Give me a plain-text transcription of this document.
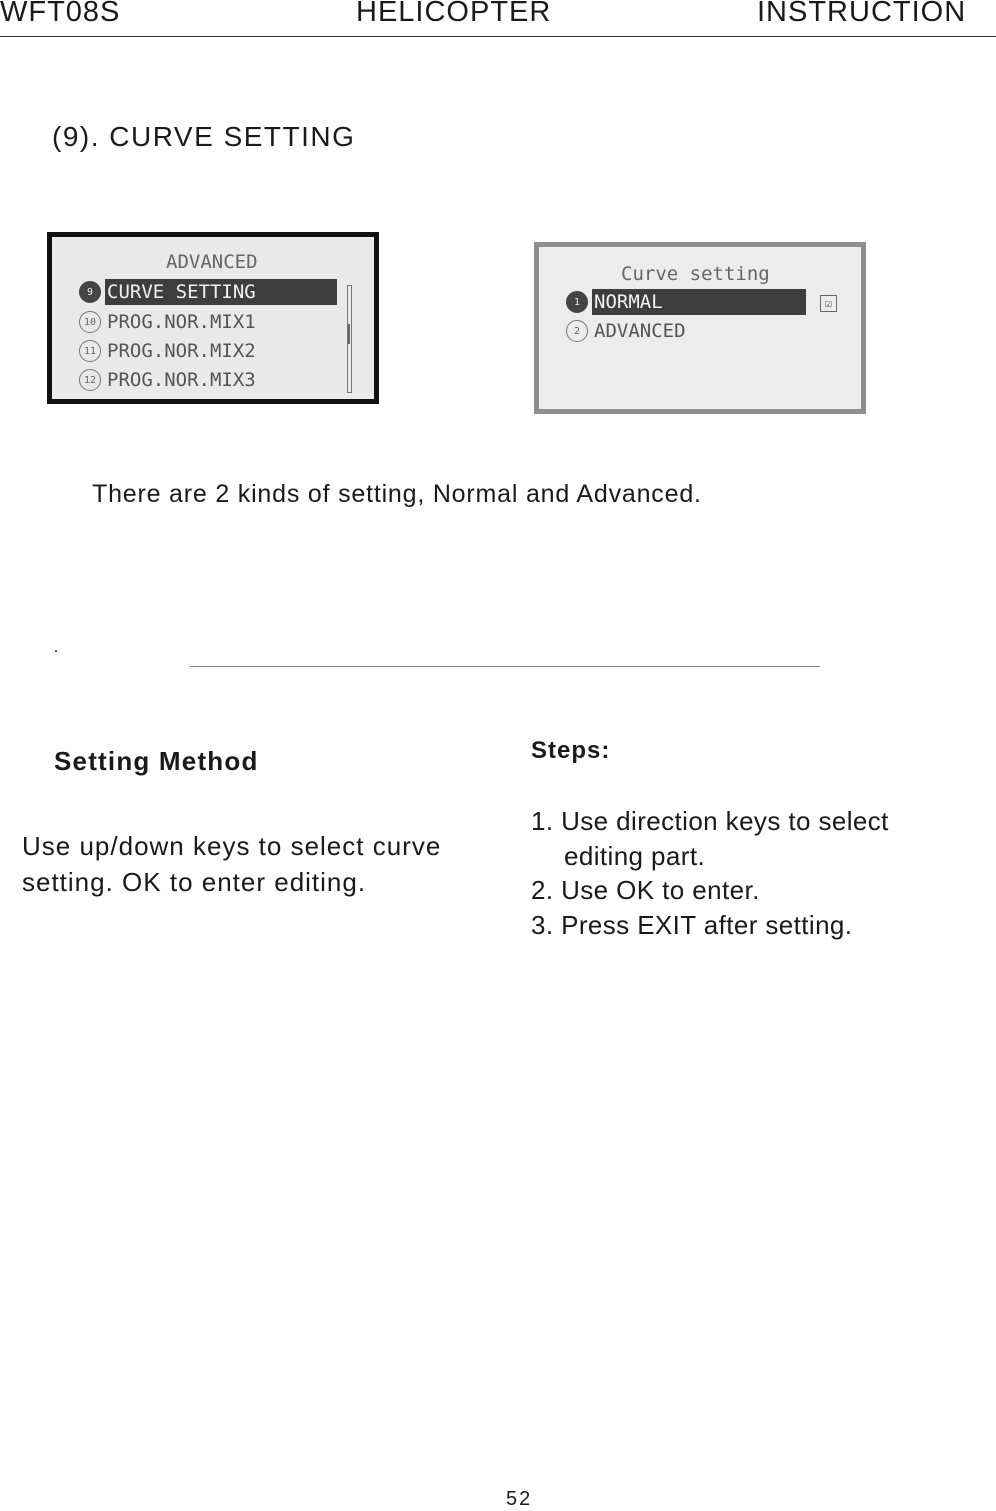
WFT08S	HELICOPTER	INSTRUCTION
(9). CURVE SETTING
ADVANCED
9 CURVE SETTING
10 PROG.NOR.MIX1
11 PROG.NOR.MIX2
12 PROG.NOR.MIX3
Curve setting
1 NORMAL
2 ADVANCED
☑
There are 2 kinds of setting, Normal and Advanced.
Setting Method
Use up/down keys to select curve
setting. OK to enter editing.
Steps:
1. Use direction keys to select
editing part.
2. Use OK to enter.
3. Press EXIT after setting.
52
